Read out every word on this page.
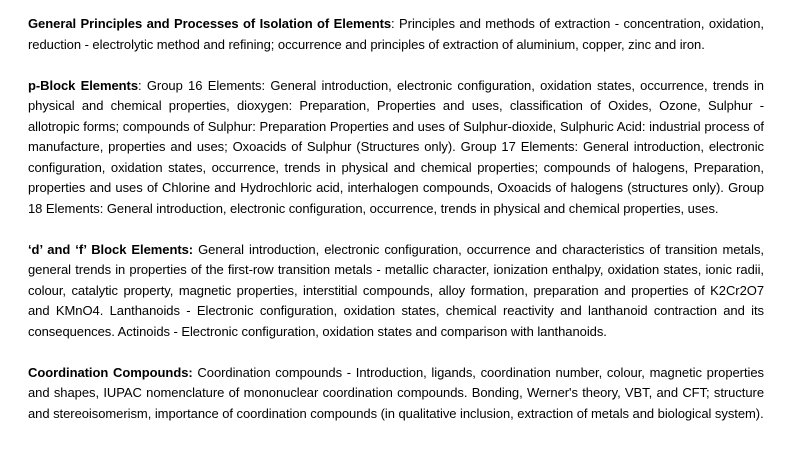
General Principles and Processes of Isolation of Elements: Principles and methods of extraction - concentration, oxidation, reduction - electrolytic method and refining; occurrence and principles of extraction of aluminium, copper, zinc and iron.

p-Block Elements: Group 16 Elements: General introduction, electronic configuration, oxidation states, occurrence, trends in physical and chemical properties, dioxygen: Preparation, Properties and uses, classification of Oxides, Ozone, Sulphur - allotropic forms; compounds of Sulphur: Preparation Properties and uses of Sulphur-dioxide, Sulphuric Acid: industrial process of manufacture, properties and uses; Oxoacids of Sulphur (Structures only). Group 17 Elements: General introduction, electronic configuration, oxidation states, occurrence, trends in physical and chemical properties; compounds of halogens, Preparation, properties and uses of Chlorine and Hydrochloric acid, interhalogen compounds, Oxoacids of halogens (structures only). Group 18 Elements: General introduction, electronic configuration, occurrence, trends in physical and chemical properties, uses.

‘d’ and ‘f’ Block Elements: General introduction, electronic configuration, occurrence and characteristics of transition metals, general trends in properties of the first-row transition metals - metallic character, ionization enthalpy, oxidation states, ionic radii, colour, catalytic property, magnetic properties, interstitial compounds, alloy formation, preparation and properties of K2Cr2O7 and KMnO4. Lanthanoids - Electronic configuration, oxidation states, chemical reactivity and lanthanoid contraction and its consequences. Actinoids - Electronic configuration, oxidation states and comparison with lanthanoids.

Coordination Compounds: Coordination compounds - Introduction, ligands, coordination number, colour, magnetic properties and shapes, IUPAC nomenclature of mononuclear coordination compounds. Bonding, Werner's theory, VBT, and CFT; structure and stereoisomerism, importance of coordination compounds (in qualitative inclusion, extraction of metals and biological system).
